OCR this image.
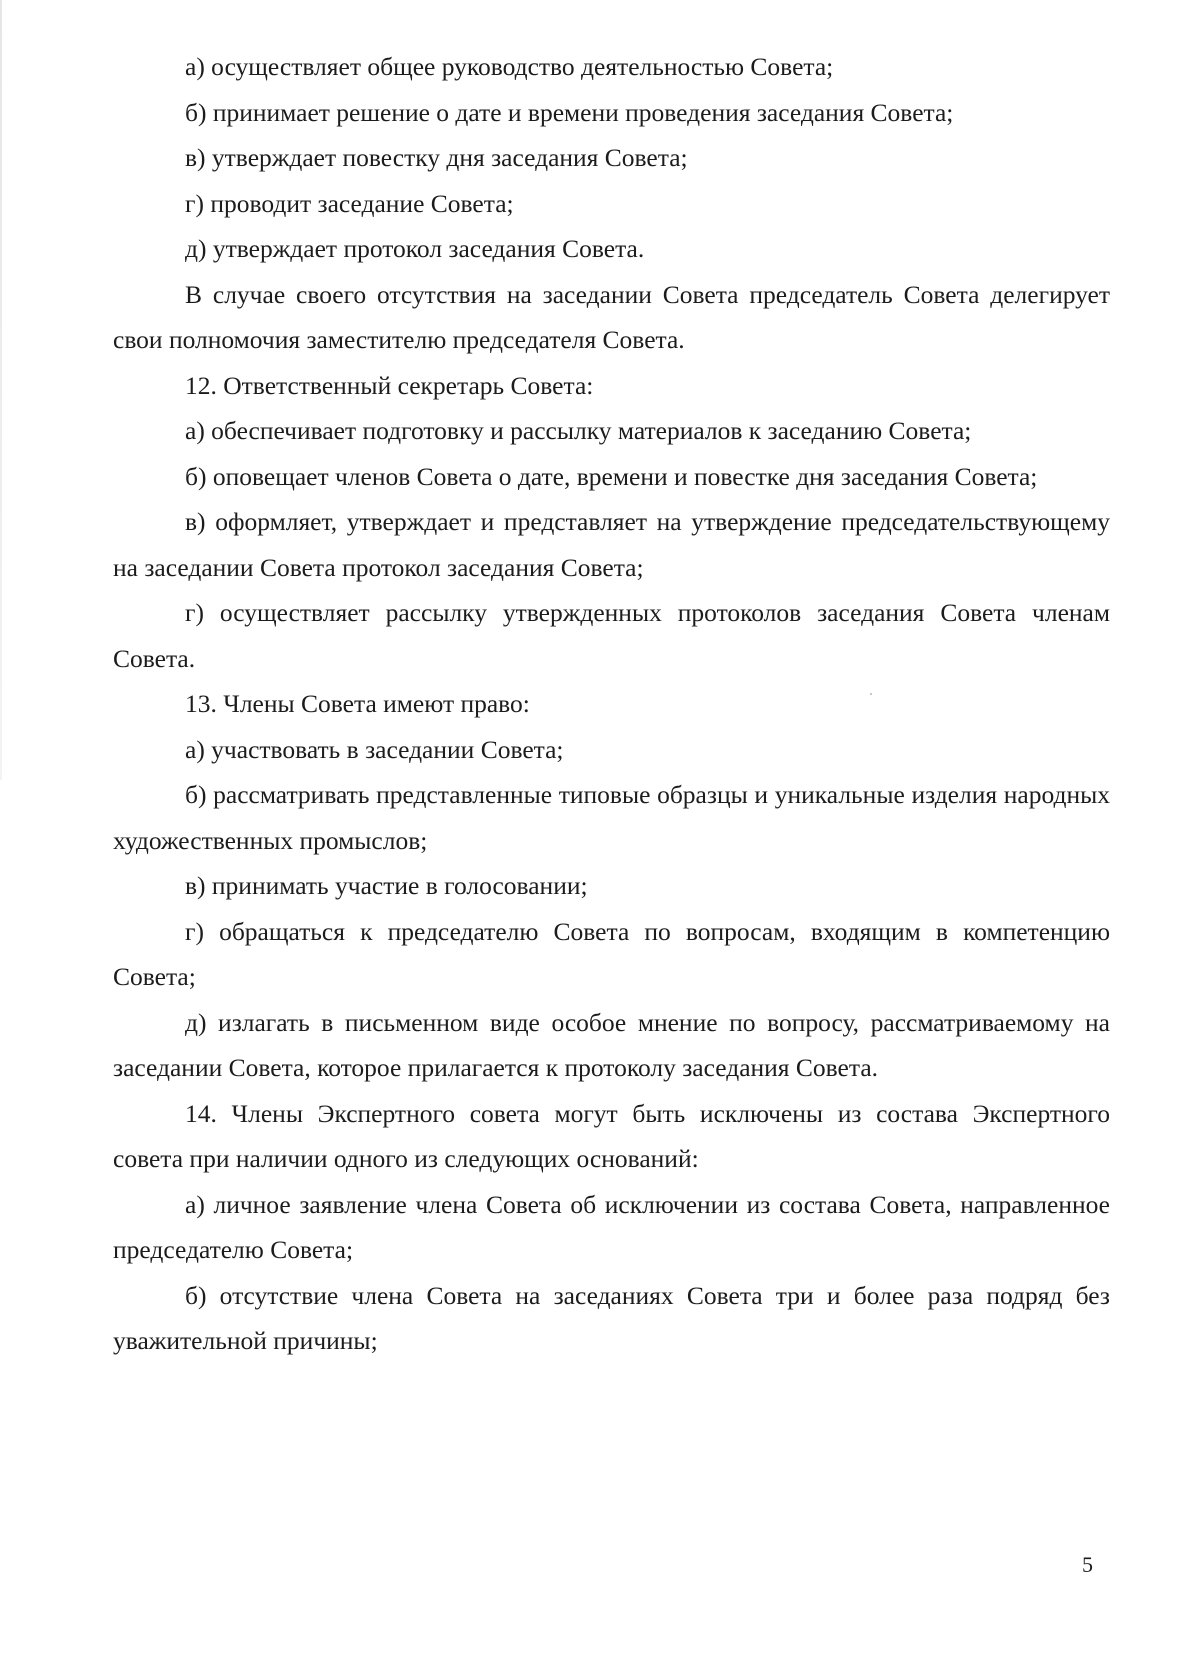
а) осуществляет общее руководство деятельностью Совета;

б) принимает решение о дате и времени проведения заседания Совета;

в) утверждает повестку дня заседания Совета;

г) проводит заседание Совета;

д) утверждает протокол заседания Совета.

В случае своего отсутствия на заседании Совета председатель Совета делегирует свои полномочия заместителю председателя Совета.

12. Ответственный секретарь Совета:

а) обеспечивает подготовку и рассылку материалов к заседанию Совета;

б) оповещает членов Совета о дате, времени и повестке дня заседания Совета;

в) оформляет, утверждает и представляет на утверждение председательствующему на заседании Совета протокол заседания Совета;

г) осуществляет рассылку утвержденных протоколов заседания Совета членам Совета.

13. Члены Совета имеют право:

а) участвовать в заседании Совета;

б) рассматривать представленные типовые образцы и уникальные изделия народных художественных промыслов;

в) принимать участие в голосовании;

г) обращаться к председателю Совета по вопросам, входящим в компетенцию Совета;

д) излагать в письменном виде особое мнение по вопросу, рассматриваемому на заседании Совета, которое прилагается к протоколу заседания Совета.

14. Члены Экспертного совета могут быть исключены из состава Экспертного совета при наличии одного из следующих оснований:

а) личное заявление члена Совета об исключении из состава Совета, направленное председателю Совета;

б) отсутствие члена Совета на заседаниях Совета три и более раза подряд без уважительной причины;

5
